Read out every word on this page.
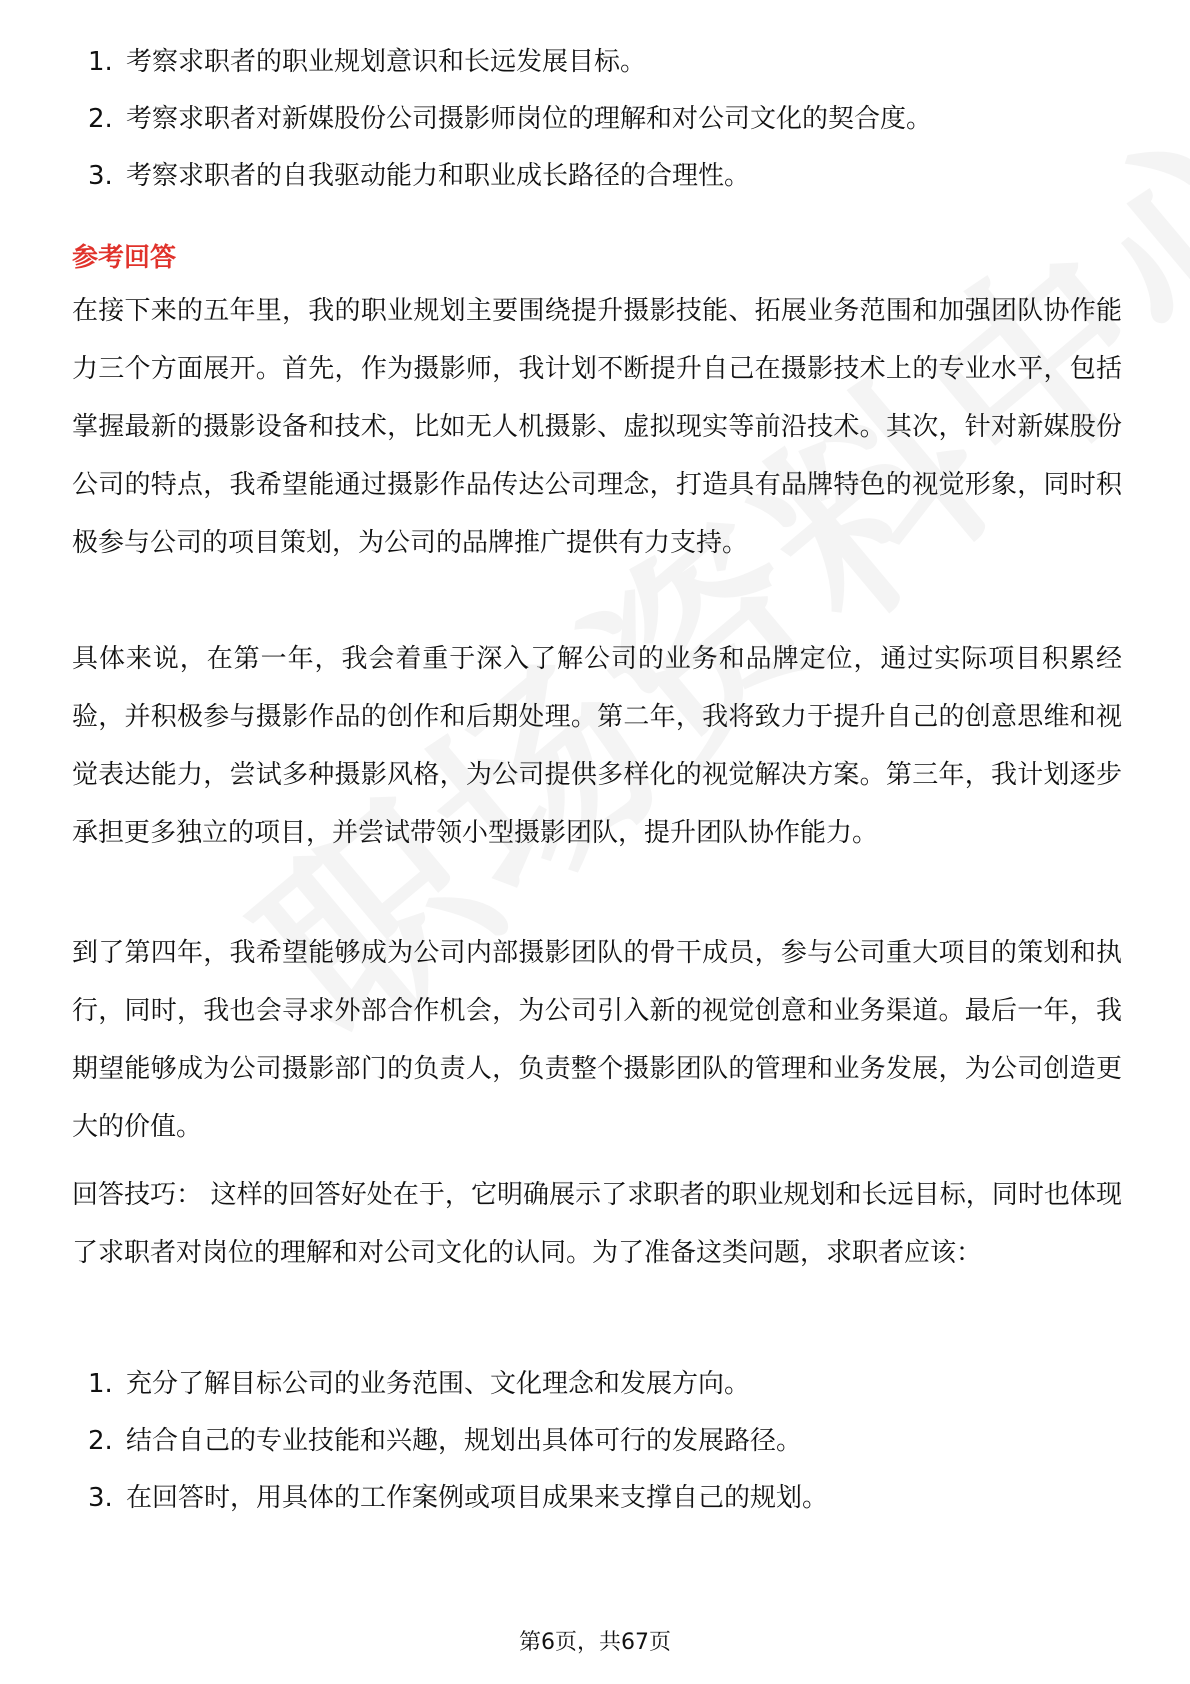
1. 考察求职者的职业规划意识和长远发展目标。
2. 考察求职者对新媒股份公司摄影师岗位的理解和对公司文化的契合度。
3. 考察求职者的自我驱动能力和职业成长路径的合理性。
参考回答

在接下来的五年里，我的职业规划主要围绕提升摄影技能、拓展业务范围和加强团队协作能力三个方面展开。首先，作为摄影师，我计划不断提升自己在摄影技术上的专业水平，包括掌握最新的摄影设备和技术，比如无人机摄影、虚拟现实等前沿技术。其次，针对新媒股份公司的特点，我希望能通过摄影作品传达公司理念，打造具有品牌特色的视觉形象，同时积极参与公司的项目策划，为公司的品牌推广提供有力支持。

具体来说，在第一年，我会着重于深入了解公司的业务和品牌定位，通过实际项目积累经验，并积极参与摄影作品的创作和后期处理。第二年，我将致力于提升自己的创意思维和视觉表达能力，尝试多种摄影风格，为公司提供多样化的视觉解决方案。第三年，我计划逐步承担更多独立的项目，并尝试带领小型摄影团队，提升团队协作能力。

到了第四年，我希望能够成为公司内部摄影团队的骨干成员，参与公司重大项目的策划和执行，同时，我也会寻求外部合作机会，为公司引入新的视觉创意和业务渠道。最后一年，我期望能够成为公司摄影部门的负责人，负责整个摄影团队的管理和业务发展，为公司创造更大的价值。

回答技巧： 这样的回答好处在于，它明确展示了求职者的职业规划和长远目标，同时也体现了求职者对岗位的理解和对公司文化的认同。为了准备这类问题，求职者应该：

1. 充分了解目标公司的业务范围、文化理念和发展方向。
2. 结合自己的专业技能和兴趣，规划出具体可行的发展路径。
3. 在回答时，用具体的工作案例或项目成果来支撑自己的规划。
第6页，共67页
